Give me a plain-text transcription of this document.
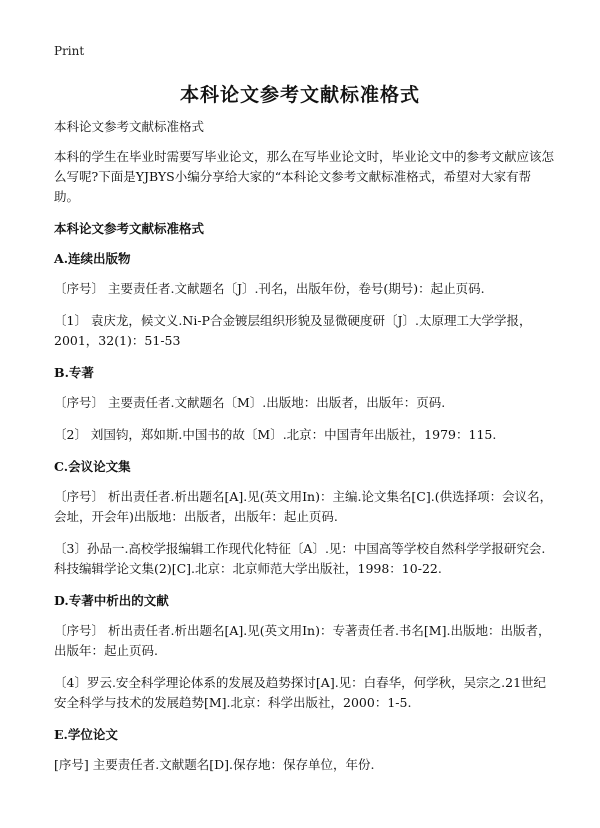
Print
本科论文参考文献标准格式

本科论文参考文献标准格式

本科的学生在毕业时需要写毕业论文，那么在写毕业论文时，毕业论文中的参考文献应该怎么写呢?下面是YJBYS小编分享给大家的“本科论文参考文献标准格式，希望对大家有帮助。

本科论文参考文献标准格式

A.连续出版物

〔序号〕 主要责任者.文献题名〔J〕.刊名，出版年份，卷号(期号)：起止页码.

〔1〕 袁庆龙，候文义.Ni-P合金镀层组织形貌及显微硬度研〔J〕.太原理工大学学报，2001，32(1)：51-53

B.专著

〔序号〕 主要责任者.文献题名〔M〕.出版地：出版者，出版年：页码.

〔2〕 刘国钧，郑如斯.中国书的故〔M〕.北京：中国青年出版社，1979：115.

C.会议论文集

〔序号〕 析出责任者.析出题名[A].见(英文用In)：主编.论文集名[C].(供选择项：会议名，会址，开会年)出版地：出版者，出版年：起止页码.

〔3〕孙品一.高校学报编辑工作现代化特征〔A〕.见：中国高等学校自然科学学报研究会.科技编辑学论文集(2)[C].北京：北京师范大学出版社，1998：10-22.

D.专著中析出的文献

〔序号〕 析出责任者.析出题名[A].见(英文用In)：专著责任者.书名[M].出版地：出版者，出版年：起止页码.

〔4〕罗云.安全科学理论体系的发展及趋势探讨[A].见：白春华，何学秋，吴宗之.21世纪安全科学与技术的发展趋势[M].北京：科学出版社，2000：1-5.

E.学位论文

[序号] 主要责任者.文献题名[D].保存地：保存单位，年份.
